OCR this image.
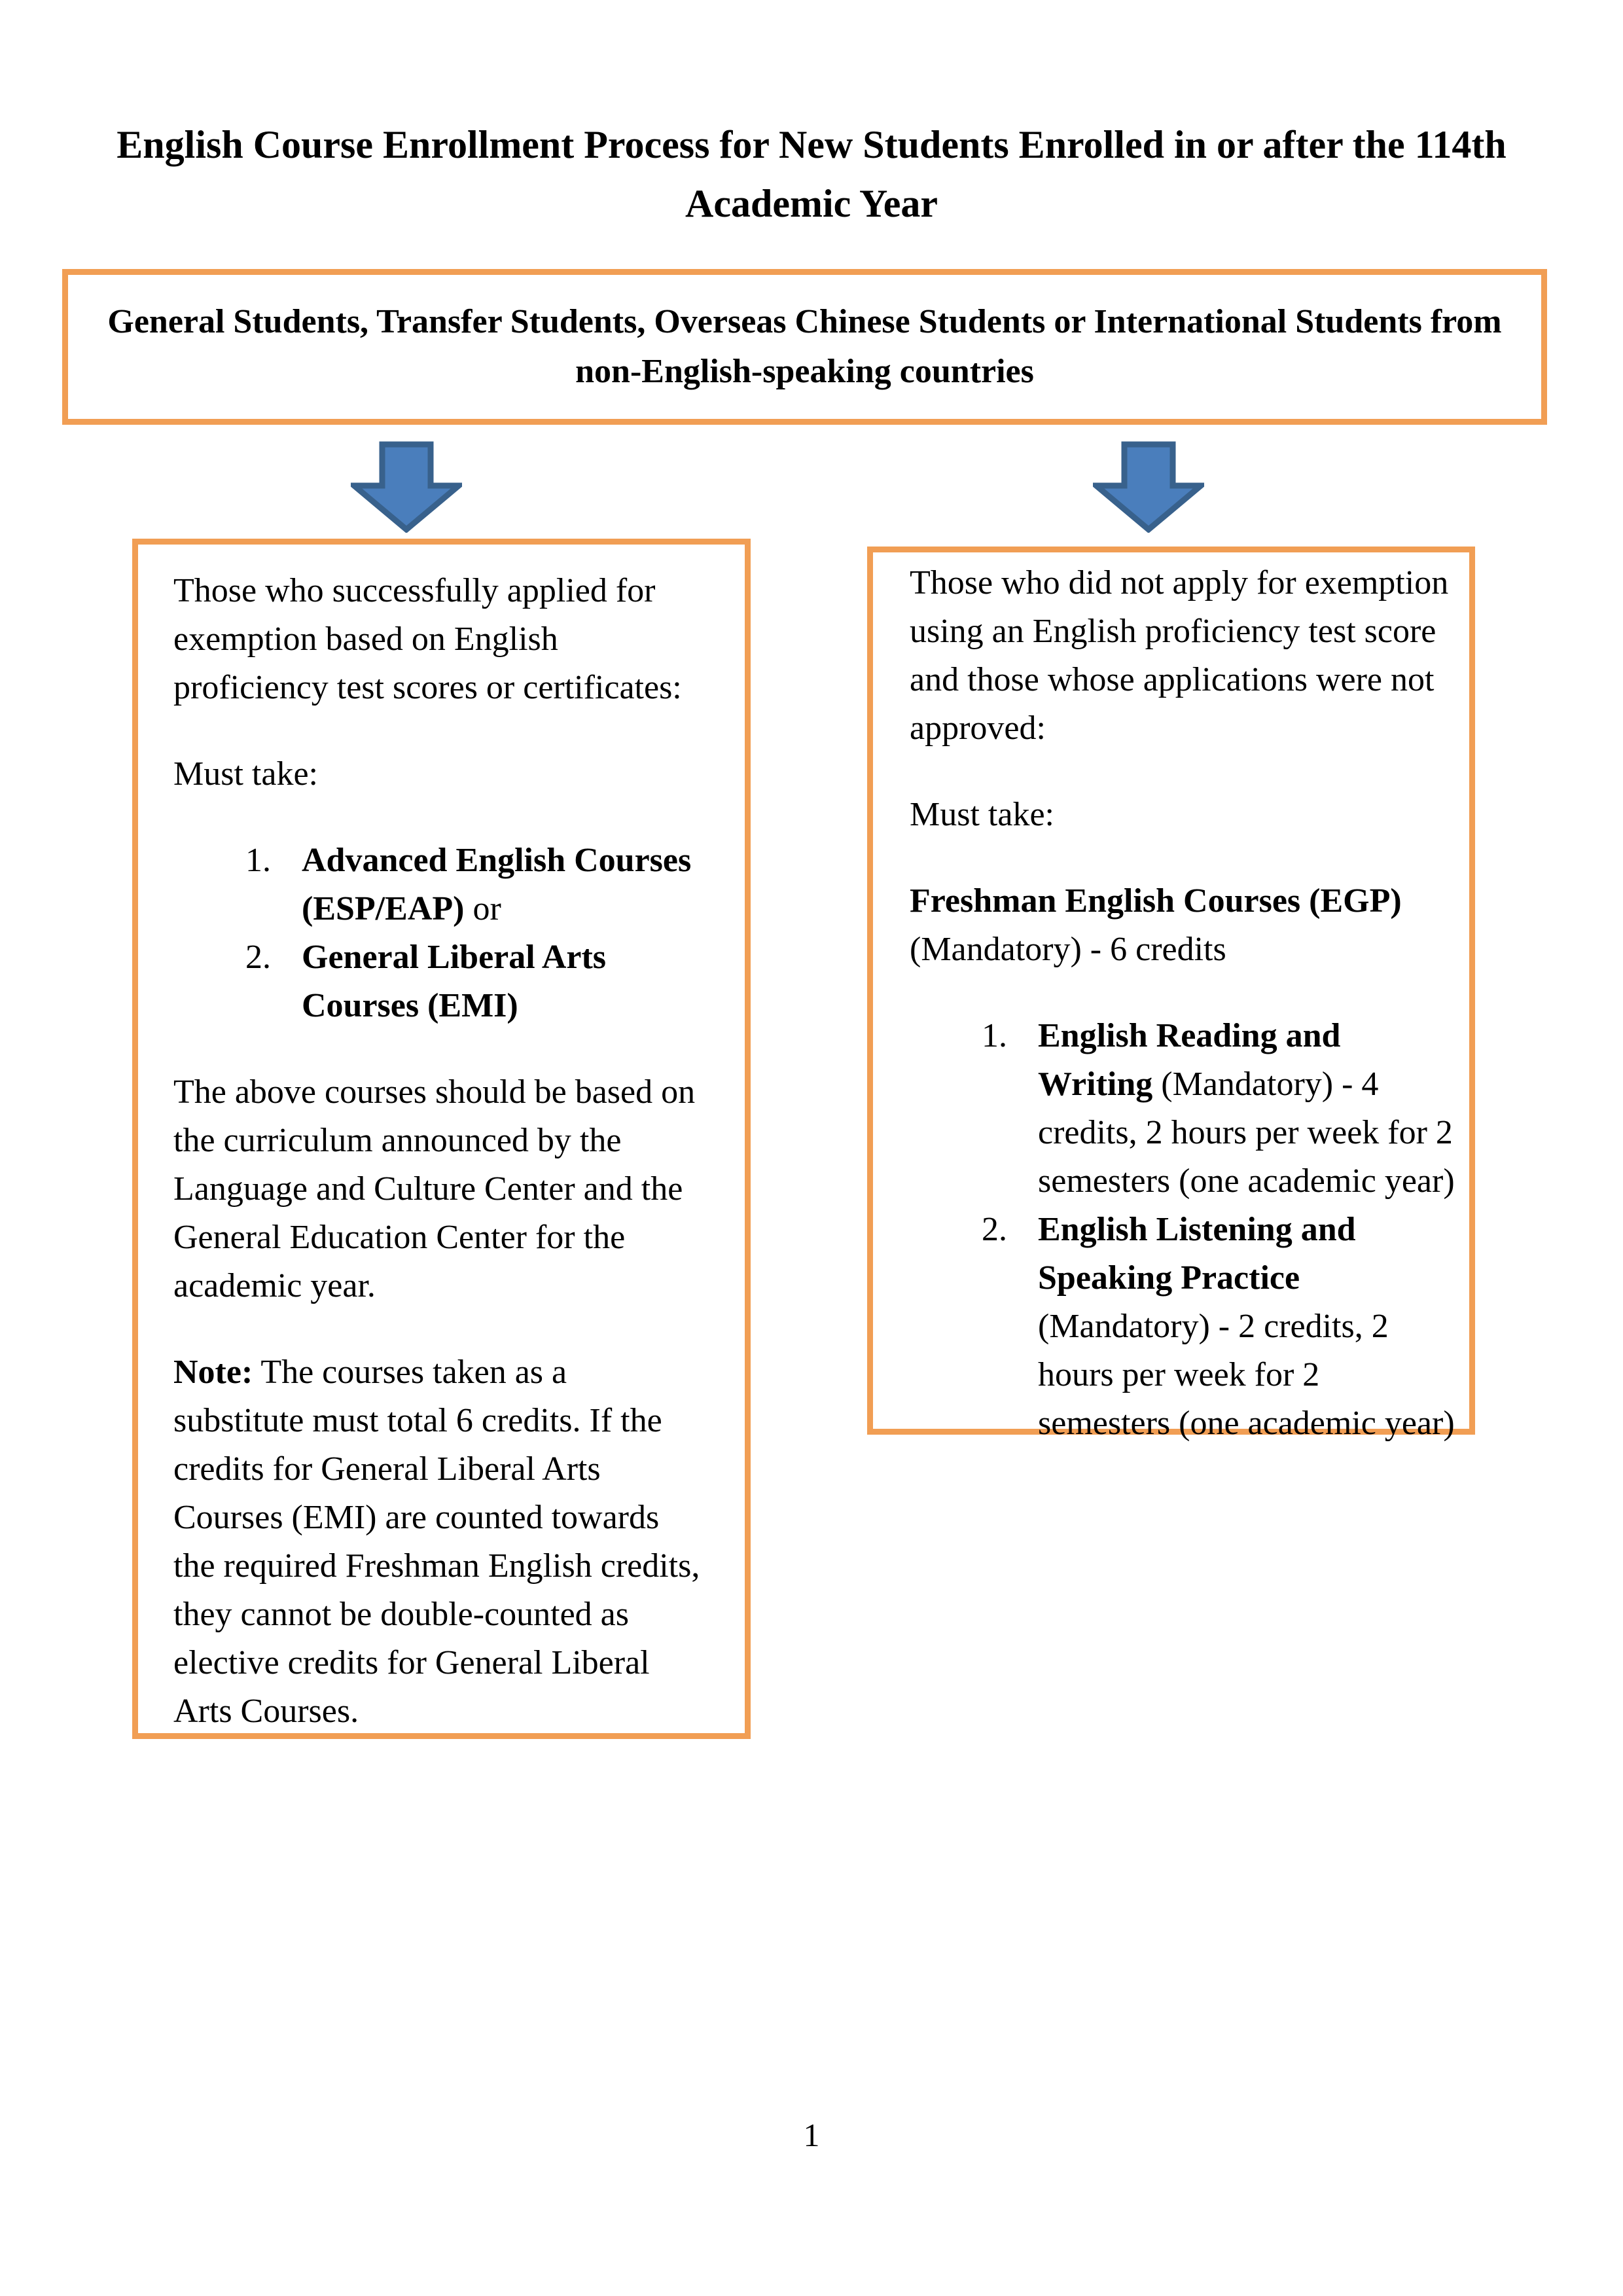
English Course Enrollment Process for New Students Enrolled in or after the 114th Academic Year

General Students, Transfer Students, Overseas Chinese Students or International Students from non-English-speaking countries

Those who successfully applied for exemption based on English proficiency test scores or certificates:

Must take:

1. Advanced English Courses (ESP/EAP) or
2. General Liberal Arts Courses (EMI)

The above courses should be based on the curriculum announced by the Language and Culture Center and the General Education Center for the academic year.

Note: The courses taken as a substitute must total 6 credits. If the credits for General Liberal Arts Courses (EMI) are counted towards the required Freshman English credits, they cannot be double-counted as elective credits for General Liberal Arts Courses.

Those who did not apply for exemption using an English proficiency test score and those whose applications were not approved:

Must take:

Freshman English Courses (EGP) (Mandatory) - 6 credits

1. English Reading and Writing (Mandatory) - 4 credits, 2 hours per week for 2 semesters (one academic year)
2. English Listening and Speaking Practice (Mandatory) - 2 credits, 2 hours per week for 2 semesters (one academic year)
1
